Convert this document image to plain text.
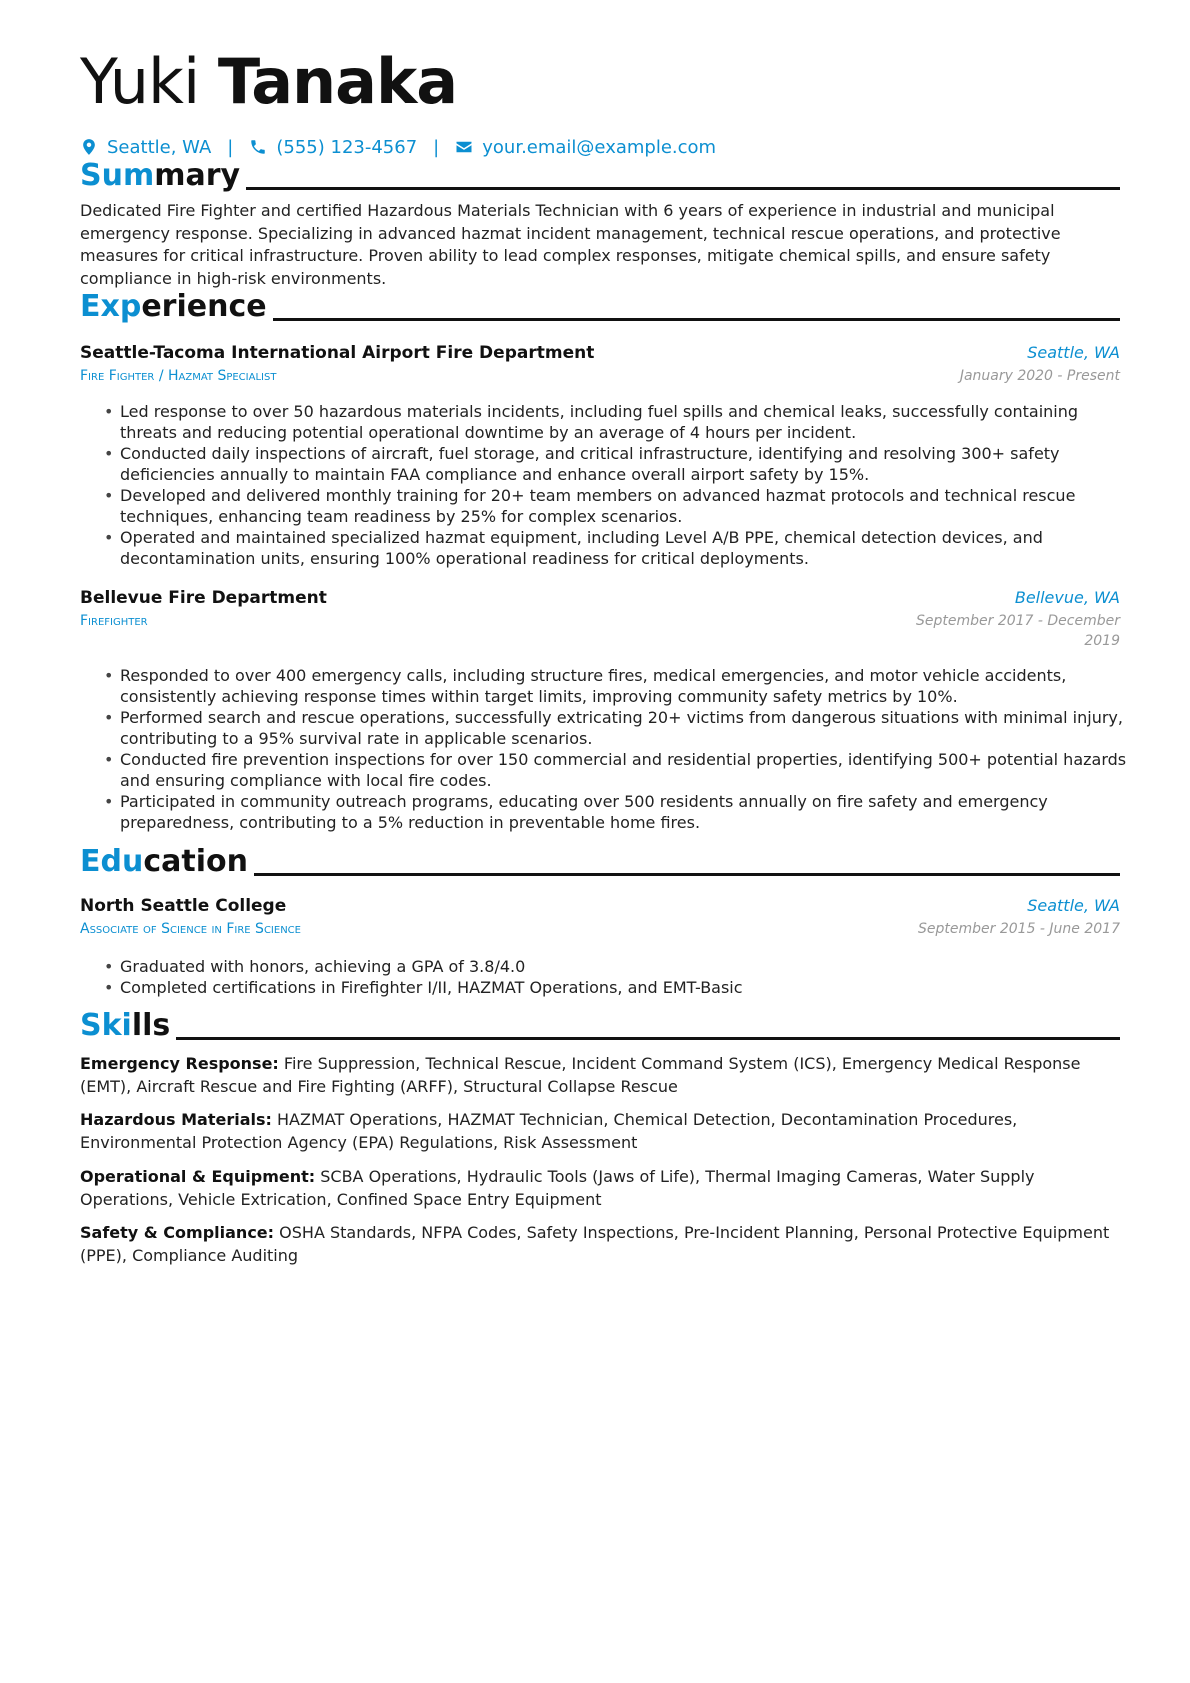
Yuki Tanaka
Seattle, WA | (555) 123-4567 | your.email@example.com
Summary

Dedicated Fire Fighter and certified Hazardous Materials Technician with 6 years of experience in industrial and municipal emergency response. Specializing in advanced hazmat incident management, technical rescue operations, and protective measures for critical infrastructure. Proven ability to lead complex responses, mitigate chemical spills, and ensure safety compliance in high-risk environments.

Experience
Seattle-Tacoma International Airport Fire Department	Seattle, WA
Fire Fighter / Hazmat Specialist	January 2020 - Present
• Led response to over 50 hazardous materials incidents, including fuel spills and chemical leaks, successfully containing threats and reducing potential operational downtime by an average of 4 hours per incident.
• Conducted daily inspections of aircraft, fuel storage, and critical infrastructure, identifying and resolving 300+ safety deficiencies annually to maintain FAA compliance and enhance overall airport safety by 15%.
• Developed and delivered monthly training for 20+ team members on advanced hazmat protocols and technical rescue techniques, enhancing team readiness by 25% for complex scenarios.
• Operated and maintained specialized hazmat equipment, including Level A/B PPE, chemical detection devices, and decontamination units, ensuring 100% operational readiness for critical deployments.
Bellevue Fire Department	Bellevue, WA
Firefighter	September 2017 - December
2019
• Responded to over 400 emergency calls, including structure fires, medical emergencies, and motor vehicle accidents, consistently achieving response times within target limits, improving community safety metrics by 10%.
• Performed search and rescue operations, successfully extricating 20+ victims from dangerous situations with minimal injury, contributing to a 95% survival rate in applicable scenarios.
• Conducted fire prevention inspections for over 150 commercial and residential properties, identifying 500+ potential hazards and ensuring compliance with local fire codes.
• Participated in community outreach programs, educating over 500 residents annually on fire safety and emergency preparedness, contributing to a 5% reduction in preventable home fires.
Education
North Seattle College	Seattle, WA
Associate of Science in Fire Science	September 2015 - June 2017
• Graduated with honors, achieving a GPA of 3.8/4.0
• Completed certifications in Firefighter I/II, HAZMAT Operations, and EMT-Basic
Skills

Emergency Response: Fire Suppression, Technical Rescue, Incident Command System (ICS), Emergency Medical Response (EMT), Aircraft Rescue and Fire Fighting (ARFF), Structural Collapse Rescue

Hazardous Materials: HAZMAT Operations, HAZMAT Technician, Chemical Detection, Decontamination Procedures, Environmental Protection Agency (EPA) Regulations, Risk Assessment

Operational & Equipment: SCBA Operations, Hydraulic Tools (Jaws of Life), Thermal Imaging Cameras, Water Supply Operations, Vehicle Extrication, Confined Space Entry Equipment

Safety & Compliance: OSHA Standards, NFPA Codes, Safety Inspections, Pre-Incident Planning, Personal Protective Equipment (PPE), Compliance Auditing
